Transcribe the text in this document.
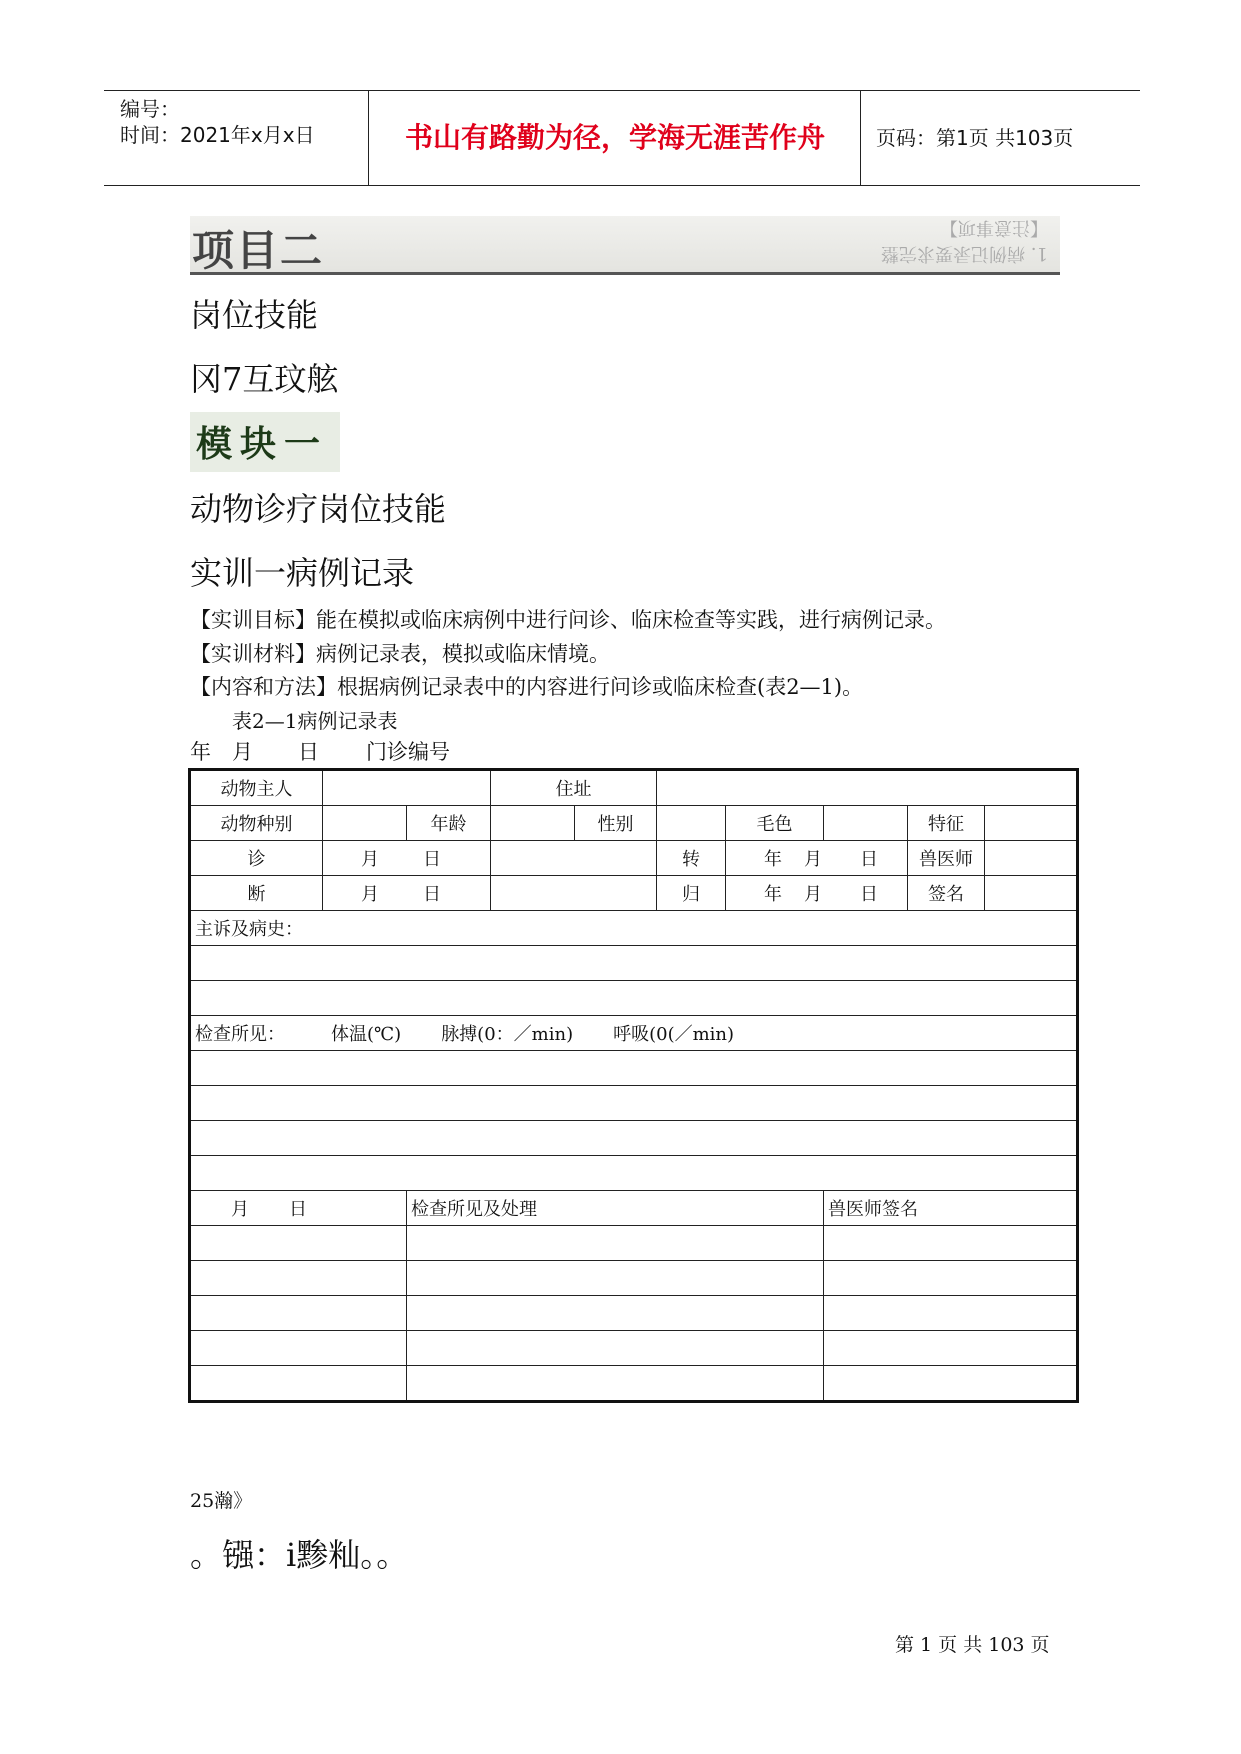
编号：
时间：2021年x月x日	书山有路勤为径，学海无涯苦作舟	页码：第1页 共103页
项目二	【注意事项】
1. 病例记录要求完整
岗位技能
冈7互玟舷
模块一
动物诊疗岗位技能
实训一病例记录
【实训目标】能在模拟或临床病例中进行问诊、临床检查等实践，进行病例记录。
【实训材料】病例记录表，模拟或临床情境。
【内容和方法】根据病例记录表中的内容进行问诊或临床检查(表2—1)。
表2—1病例记录表
年 月 日 门诊编号
动物主人			住址						
动物种别		年龄		性别		毛色		特征	
诊	月 日				转	年 月 日		兽医师	
断	月 日				归	年 月 日		签名	
主诉及病史：									

检查所见： 体温(℃) 脉搏(0：／min) 呼吸(0(／min)									

月 日		检查所见及处理					兽医师签名		

25瀚》
。镪：i黪籼。。
第 1 页 共 103 页
